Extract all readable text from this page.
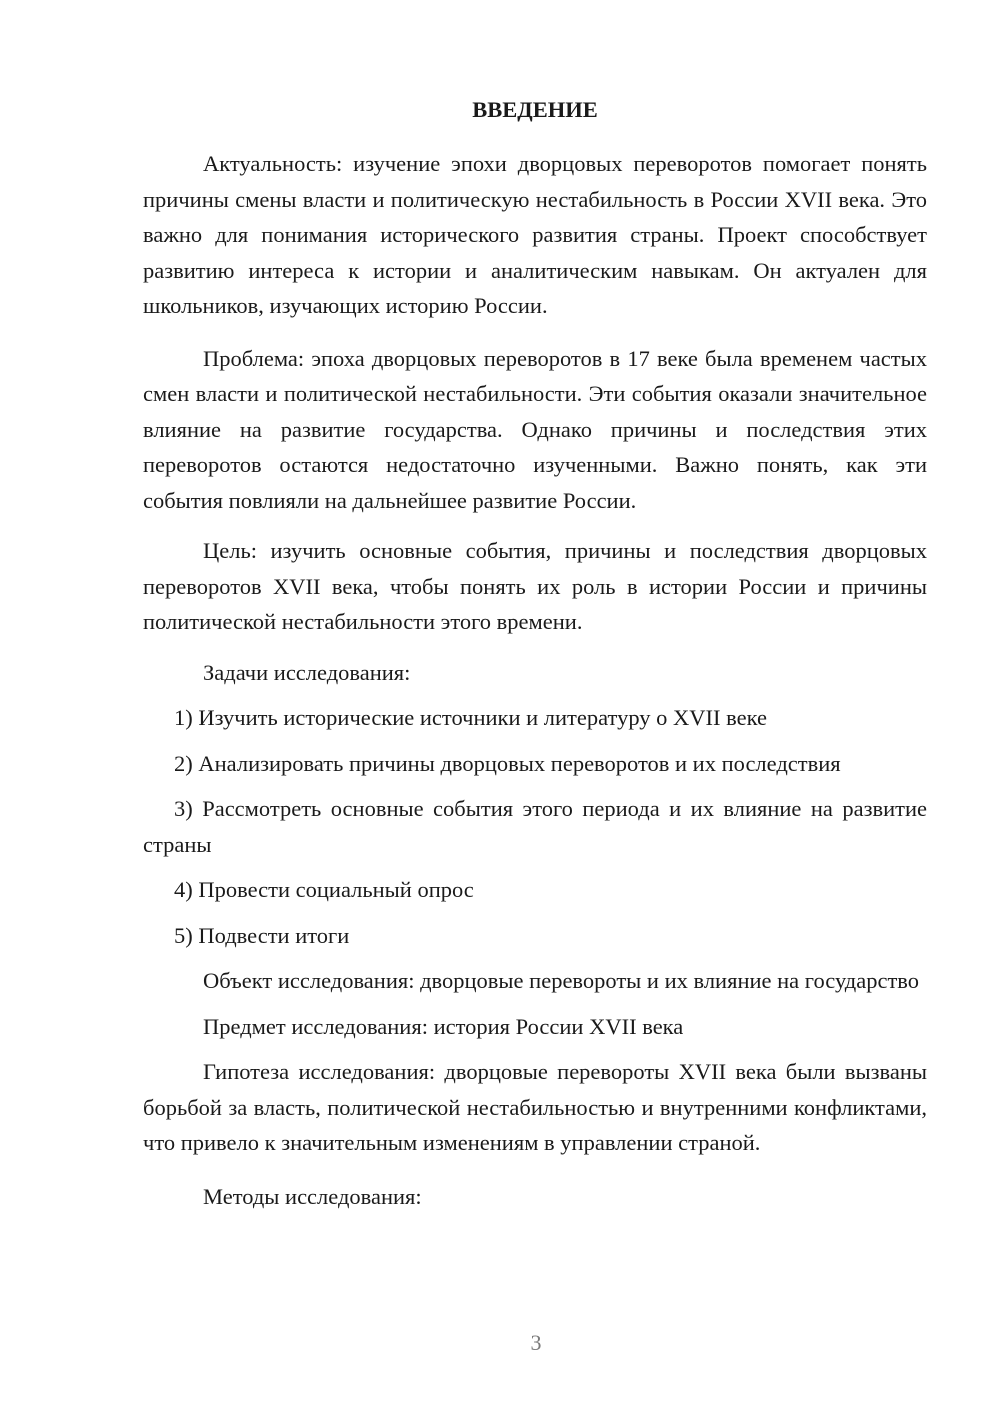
ВВЕДЕНИЕ

Актуальность: изучение эпохи дворцовых переворотов помогает понять причины смены власти и политическую нестабильность в России XVII века. Это важно для понимания исторического развития страны. Проект способствует развитию интереса к истории и аналитическим навыкам. Он актуален для школьников, изучающих историю России.

Проблема: эпоха дворцовых переворотов в 17 веке была временем частых смен власти и политической нестабильности. Эти события оказали значительное влияние на развитие государства. Однако причины и последствия этих переворотов остаются недостаточно изученными. Важно понять, как эти события повлияли на дальнейшее развитие России.

Цель: изучить основные события, причины и последствия дворцовых переворотов XVII века, чтобы понять их роль в истории России и причины политической нестабильности этого времени.

Задачи исследования:

1) Изучить исторические источники и литературу о XVII веке

2) Анализировать причины дворцовых переворотов и их последствия

3) Рассмотреть основные события этого периода и их влияние на развитие страны

4) Провести социальный опрос

5) Подвести итоги

Объект исследования: дворцовые перевороты и их влияние на государство

Предмет исследования: история России XVII века

Гипотеза исследования: дворцовые перевороты XVII века были вызваны борьбой за власть, политической нестабильностью и внутренними конфликтами, что привело к значительным изменениям в управлении страной.

Методы исследования:

3
